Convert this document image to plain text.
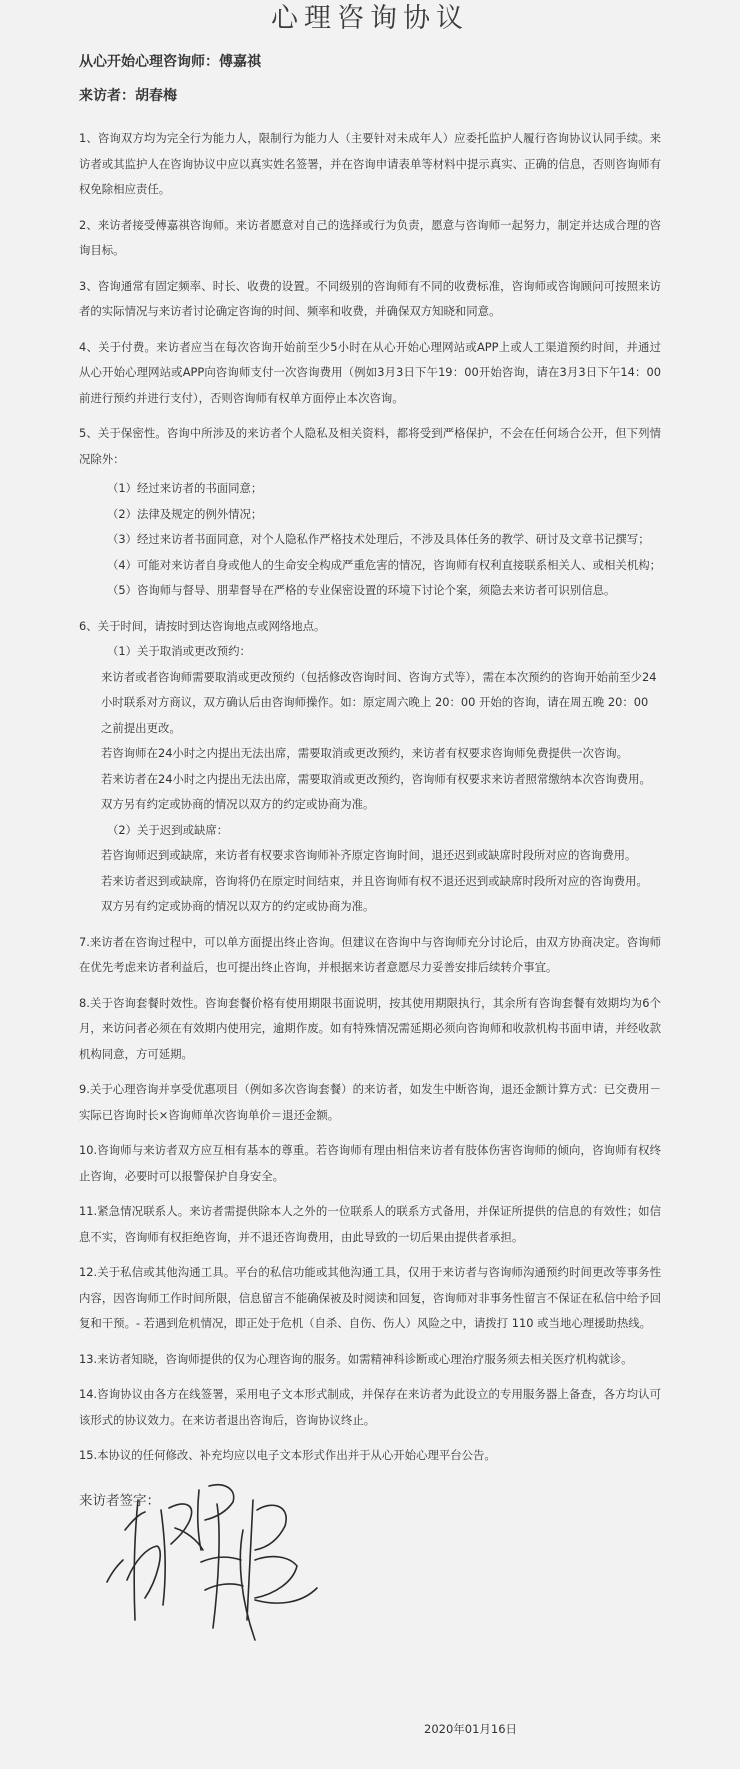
心理咨询协议

从心开始心理咨询师：傅嘉祺

来访者：胡春梅

1、咨询双方均为完全行为能力人，限制行为能力人（主要针对未成年人）应委托监护人履行咨询协议认同手续。来访者或其监护人在咨询协议中应以真实姓名签署，并在咨询申请表单等材料中提示真实、正确的信息，否则咨询师有权免除相应责任。

2、来访者接受傅嘉祺咨询师。来访者愿意对自己的选择或行为负责，愿意与咨询师一起努力，制定并达成合理的咨询目标。

3、咨询通常有固定频率、时长、收费的设置。不同级别的咨询师有不同的收费标准，咨询师或咨询顾问可按照来访者的实际情况与来访者讨论确定咨询的时间、频率和收费，并确保双方知晓和同意。

4、关于付费。来访者应当在每次咨询开始前至少5小时在从心开始心理网站或APP上或人工渠道预约时间，并通过从心开始心理网站或APP向咨询师支付一次咨询费用（例如3月3日下午19：00开始咨询，请在3月3日下午14：00前进行预约并进行支付），否则咨询师有权单方面停止本次咨询。

5、关于保密性。咨询中所涉及的来访者个人隐私及相关资料，都将受到严格保护，不会在任何场合公开，但下列情况除外：

（1）经过来访者的书面同意；

（2）法律及规定的例外情况；

（3）经过来访者书面同意，对个人隐私作严格技术处理后，不涉及具体任务的教学、研讨及文章书记撰写；

（4）可能对来访者自身或他人的生命安全构成严重危害的情况，咨询师有权利直接联系相关人、或相关机构；

（5）咨询师与督导、朋辈督导在严格的专业保密设置的环境下讨论个案，须隐去来访者可识别信息。

6、关于时间，请按时到达咨询地点或网络地点。

（1）关于取消或更改预约：

来访者或者咨询师需要取消或更改预约（包括修改咨询时间、咨询方式等），需在本次预约的咨询开始前至少24小时联系对方商议，双方确认后由咨询师操作。如：原定周六晚上 20：00 开始的咨询，请在周五晚 20：00 之前提出更改。

若咨询师在24小时之内提出无法出席，需要取消或更改预约，来访者有权要求咨询师免费提供一次咨询。

若来访者在24小时之内提出无法出席，需要取消或更改预约，咨询师有权要求来访者照常缴纳本次咨询费用。

双方另有约定或协商的情况以双方的约定或协商为准。

（2）关于迟到或缺席：

若咨询师迟到或缺席，来访者有权要求咨询师补齐原定咨询时间，退还迟到或缺席时段所对应的咨询费用。

若来访者迟到或缺席，咨询将仍在原定时间结束，并且咨询师有权不退还迟到或缺席时段所对应的咨询费用。

双方另有约定或协商的情况以双方的约定或协商为准。

7.来访者在咨询过程中，可以单方面提出终止咨询。但建议在咨询中与咨询师充分讨论后，由双方协商决定。咨询师在优先考虑来访者利益后，也可提出终止咨询，并根据来访者意愿尽力妥善安排后续转介事宜。

8.关于咨询套餐时效性。咨询套餐价格有使用期限书面说明，按其使用期限执行，其余所有咨询套餐有效期均为6个月，来访问者必须在有效期内使用完，逾期作废。如有特殊情况需延期必须向咨询师和收款机构书面申请，并经收款机构同意，方可延期。

9.关于心理咨询并享受优惠项目（例如多次咨询套餐）的来访者，如发生中断咨询，退还金额计算方式：已交费用－实际已咨询时长×咨询师单次咨询单价＝退还金额。

10.咨询师与来访者双方应互相有基本的尊重。若咨询师有理由相信来访者有肢体伤害咨询师的倾向，咨询师有权终止咨询，必要时可以报警保护自身安全。

11.紧急情况联系人。来访者需提供除本人之外的一位联系人的联系方式备用，并保证所提供的信息的有效性；如信息不实，咨询师有权拒绝咨询，并不退还咨询费用，由此导致的一切后果由提供者承担。

12.关于私信或其他沟通工具。平台的私信功能或其他沟通工具，仅用于来访者与咨询师沟通预约时间更改等事务性内容，因咨询师工作时间所限，信息留言不能确保被及时阅读和回复，咨询师对非事务性留言不保证在私信中给予回复和干预。- 若遇到危机情况，即正处于危机（自杀、自伤、伤人）风险之中，请拨打 110 或当地心理援助热线。

13.来访者知晓，咨询师提供的仅为心理咨询的服务。如需精神科诊断或心理治疗服务须去相关医疗机构就诊。

14.咨询协议由各方在线签署，采用电子文本形式制成，并保存在来访者为此设立的专用服务器上备查，各方均认可该形式的协议效力。在来访者退出咨询后，咨询协议终止。

15.本协议的任何修改、补充均应以电子文本形式作出并于从心开始心理平台公告。

来访者签字：
2020年01月16日
